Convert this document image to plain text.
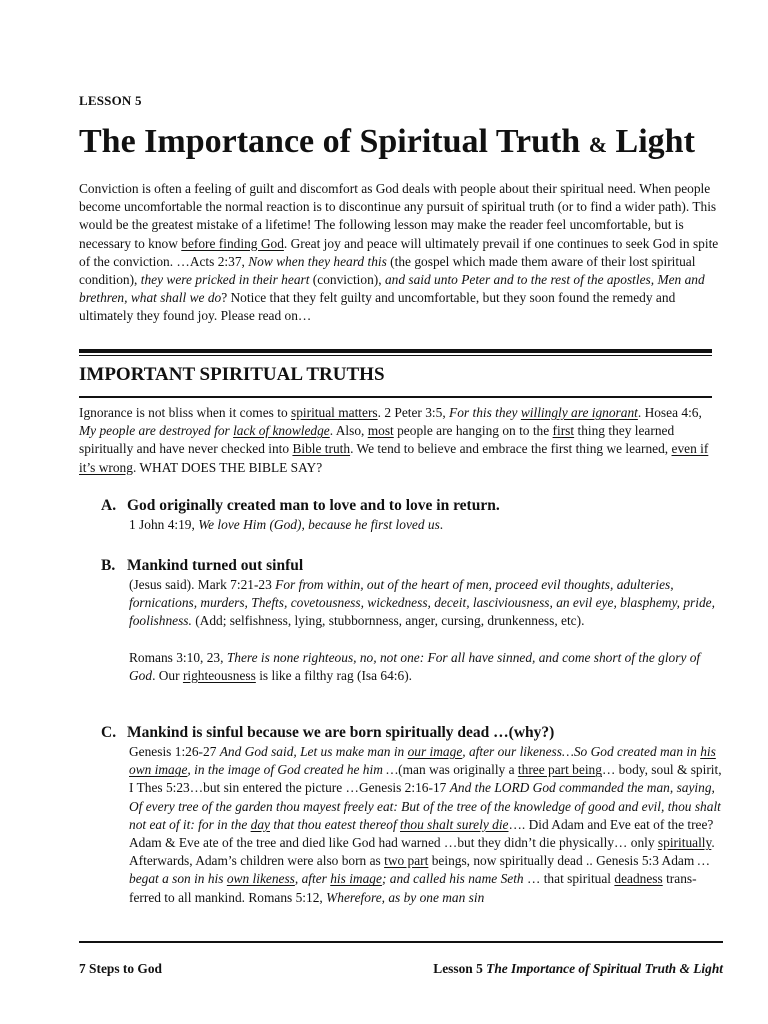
LESSON 5
The Importance of Spiritual Truth & Light

Conviction is often a feeling of guilt and discomfort as God deals with people about their spiritual need. When people become uncomfortable the normal reaction is to discontinue any pursuit of spiritual truth (or to find a wider path). This would be the greatest mistake of a lifetime! The following lesson may make the reader feel uncomfortable, but is necessary to know before finding God. Great joy and peace will ultimately prevail if one continues to seek God in spite of the conviction. …Acts 2:37, Now when they heard this (the gospel which made them aware of their lost spiritual condition), they were pricked in their heart (conviction), and said unto Peter and to the rest of the apostles, Men and brethren, what shall we do? Notice that they felt guilty and uncomfortable, but they soon found the remedy and ultimately they found joy. Please read on…

IMPORTANT SPIRITUAL TRUTHS

Ignorance is not bliss when it comes to spiritual matters. 2 Peter 3:5, For this they willingly are ignorant. Hosea 4:6, My people are destroyed for lack of knowledge. Also, most people are hanging on to the first thing they learned spiritually and have never checked into Bible truth. We tend to believe and embrace the first thing we learned, even if it’s wrong. WHAT DOES THE BIBLE SAY?

A. God originally created man to love and to love in return.

1 John 4:19, We love Him (God), because he first loved us.

B. Mankind turned out sinful

(Jesus said). Mark 7:21-23 For from within, out of the heart of men, proceed evil thoughts, adulteries, fornications, murders, Thefts, covetousness, wickedness, deceit, lasciviousness, an evil eye, blasphemy, pride, foolishness. (Add; selfishness, lying, stubbornness, anger, cursing, drunkenness, etc).

Romans 3:10, 23, There is none righteous, no, not one: For all have sinned, and come short of the glory of God. Our righteousness is like a filthy rag (Isa 64:6).

C. Mankind is sinful because we are born spiritually dead …(why?)

Genesis 1:26-27 And God said, Let us make man in our image, after our likeness…So God created man in his own image, in the image of God created he him …(man was originally a three part being… body, soul & spirit, I Thes 5:23…but sin entered the picture …Genesis 2:16-17 And the LORD God commanded the man, saying, Of every tree of the garden thou mayest freely eat: But of the tree of the knowledge of good and evil, thou shalt not eat of it: for in the day that thou eatest thereof thou shalt surely die…. Did Adam and Eve eat of the tree? Adam & Eve ate of the tree and died like God had warned …but they didn’t die physically… only spiritually. Afterwards, Adam’s children were also born as two part beings, now spiritually dead .. Genesis 5:3 Adam …begat a son in his own likeness, after his image; and called his name Seth … that spiritual deadness trans-ferred to all mankind. Romans 5:12, Wherefore, as by one man sin

7 Steps to God	Lesson 5 The Importance of Spiritual Truth & Light
